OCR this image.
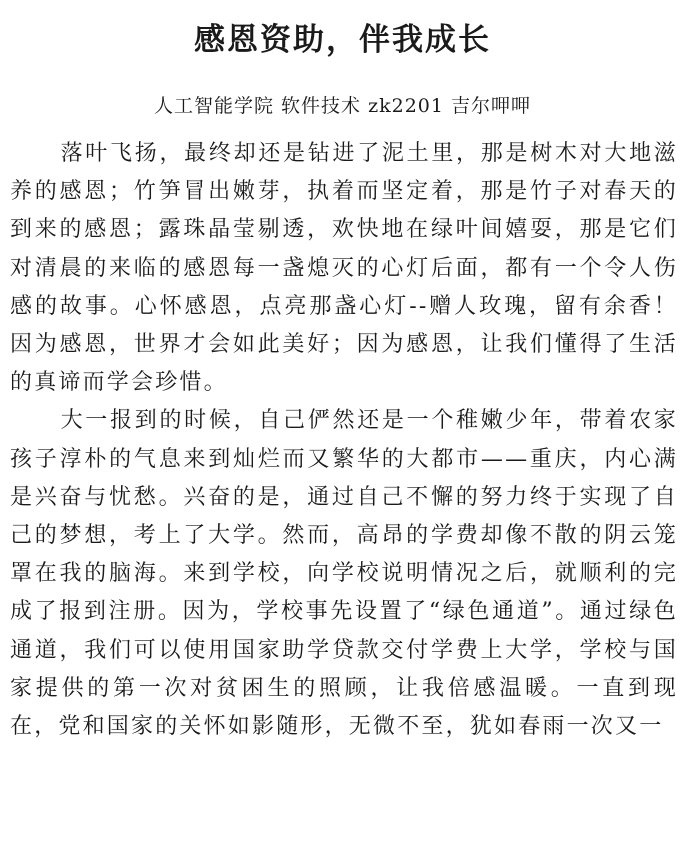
感恩资助，伴我成长
人工智能学院 软件技术 zk2201 吉尔呷呷

落叶飞扬，最终却还是钻进了泥土里，那是树木对大地滋养的感恩；竹笋冒出嫩芽，执着而坚定着，那是竹子对春天的到来的感恩；露珠晶莹剔透，欢快地在绿叶间嬉耍，那是它们对清晨的来临的感恩每一盏熄灭的心灯后面，都有一个令人伤感的故事。心怀感恩，点亮那盏心灯--赠人玫瑰，留有余香！因为感恩，世界才会如此美好；因为感恩，让我们懂得了生活的真谛而学会珍惜。

大一报到的时候，自己俨然还是一个稚嫩少年，带着农家孩子淳朴的气息来到灿烂而又繁华的大都市——重庆，内心满是兴奋与忧愁。兴奋的是，通过自己不懈的努力终于实现了自己的梦想，考上了大学。然而，高昂的学费却像不散的阴云笼罩在我的脑海。来到学校，向学校说明情况之后，就顺利的完成了报到注册。因为，学校事先设置了“绿色通道”。通过绿色通道，我们可以使用国家助学贷款交付学费上大学，学校与国家提供的第一次对贫困生的照顾，让我倍感温暖。一直到现在，党和国家的关怀如影随形，无微不至，犹如春雨一次又一
